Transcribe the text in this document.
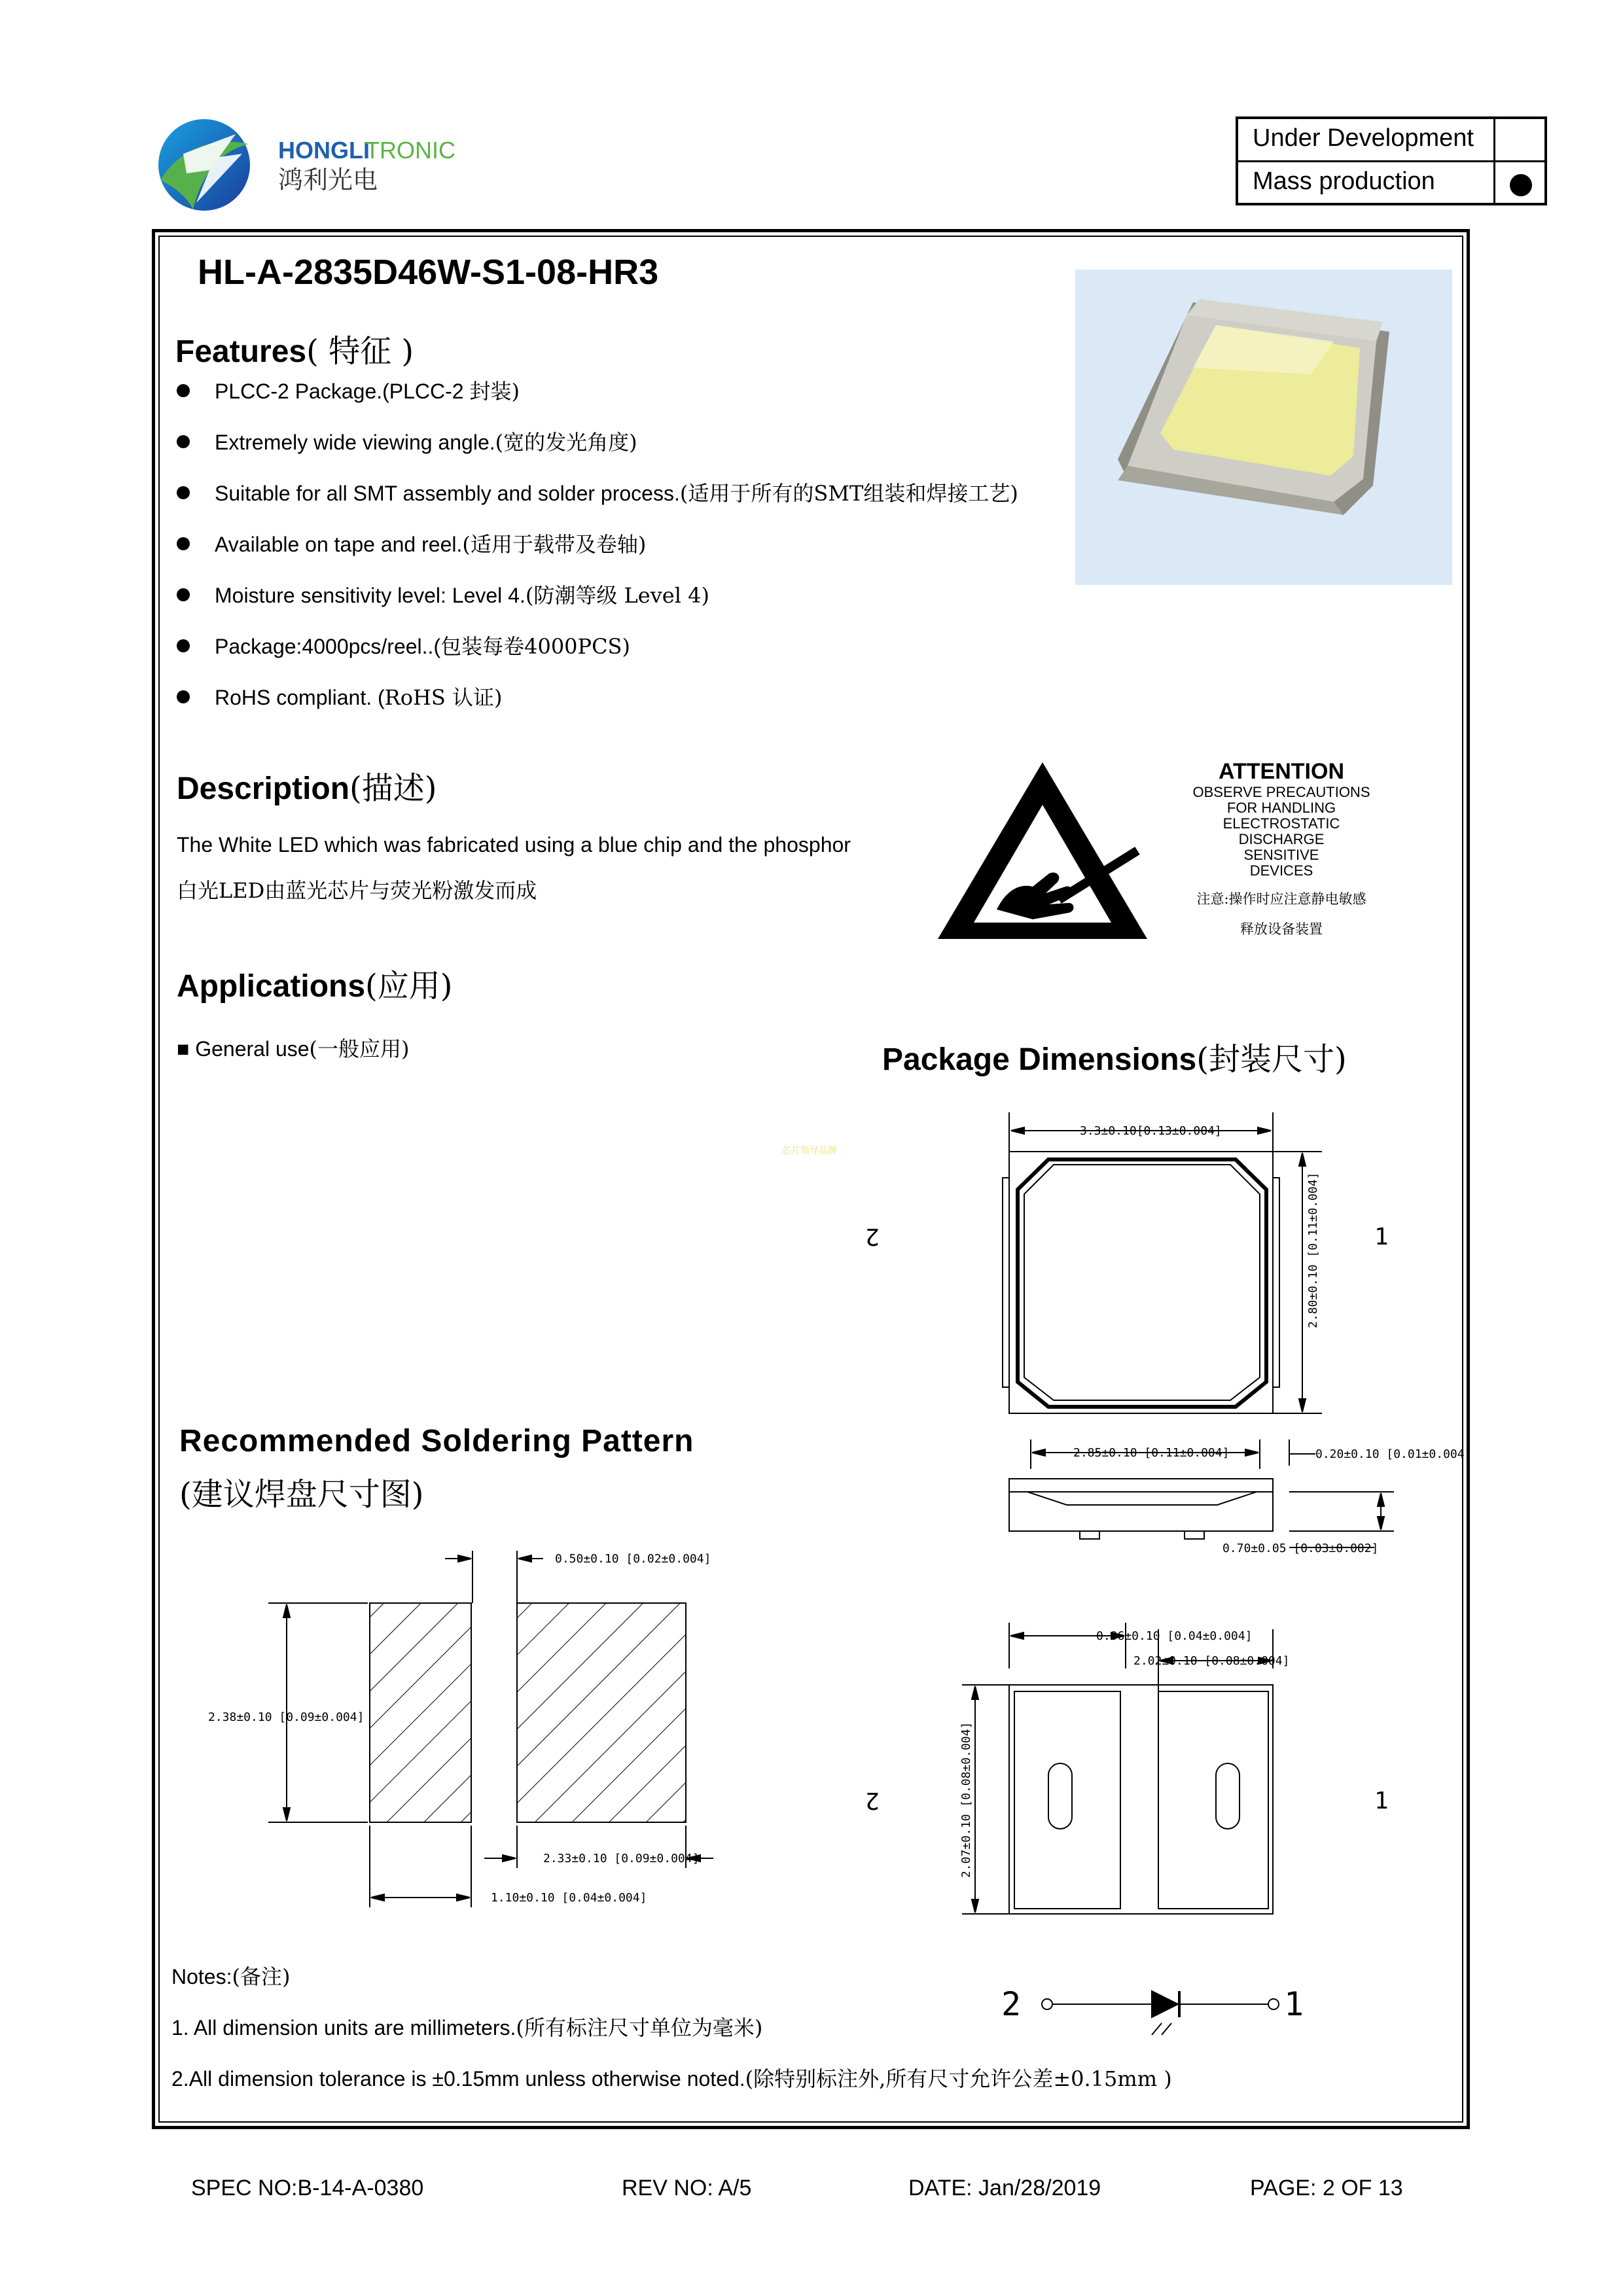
HONGLI
TRONIC
鸿利光电
Under Development
Mass production
HL-A-2835D46W-S1-08-HR3
Features( 特征 )
PLCC-2 Package.(PLCC-2 封装)
Extremely wide viewing angle.(宽的发光角度)
Suitable for all SMT assembly and solder process.(适用于所有的SMT组装和焊接工艺)
Available on tape and reel.(适用于载带及卷轴)
Moisture sensitivity level: Level 4.(防潮等级 Level 4)
Package:4000pcs/reel..(包装每卷4000PCS)
RoHS compliant. (RoHS 认证)
Description(描述)
The White LED which was fabricated using a blue chip and the phosphor
白光LED由蓝光芯片与荧光粉激发而成
ATTENTION
OBSERVE PRECAUTIONS
FOR HANDLING
ELECTROSTATIC
DISCHARGE
SENSITIVE
DEVICES
注意:操作时应注意静电敏感
释放设备装置
Applications(应用)
■ General use(一般应用)
芯片领导品牌
Package Dimensions(封装尺寸)
3.3±0.10[0.13±0.004]
2.80±0.10 [0.11±0.004]
2	1
2.85±0.10 [0.11±0.004]	0.20±0.10 [0.01±0.004]
0.70±0.05 [0.03±0.002]
0.96±0.10 [0.04±0.004]
2.02±0.10 [0.08±0.004]
2.07±0.10 [0.08±0.004]
2	1
2	1
Recommended Soldering Pattern
(建议焊盘尺寸图)
0.50±0.10 [0.02±0.004]
2.38±0.10 [0.09±0.004]
2.33±0.10 [0.09±0.004]
1.10±0.10 [0.04±0.004]
Notes:(备注)
1. All dimension units are millimeters.(所有标注尺寸单位为毫米)
2.All dimension tolerance is ±0.15mm unless otherwise noted.(除特别标注外,所有尺寸允许公差±0.15mm )
SPEC NO:B-14-A-0380	REV NO: A/5	DATE: Jan/28/2019	PAGE: 2 OF 13
